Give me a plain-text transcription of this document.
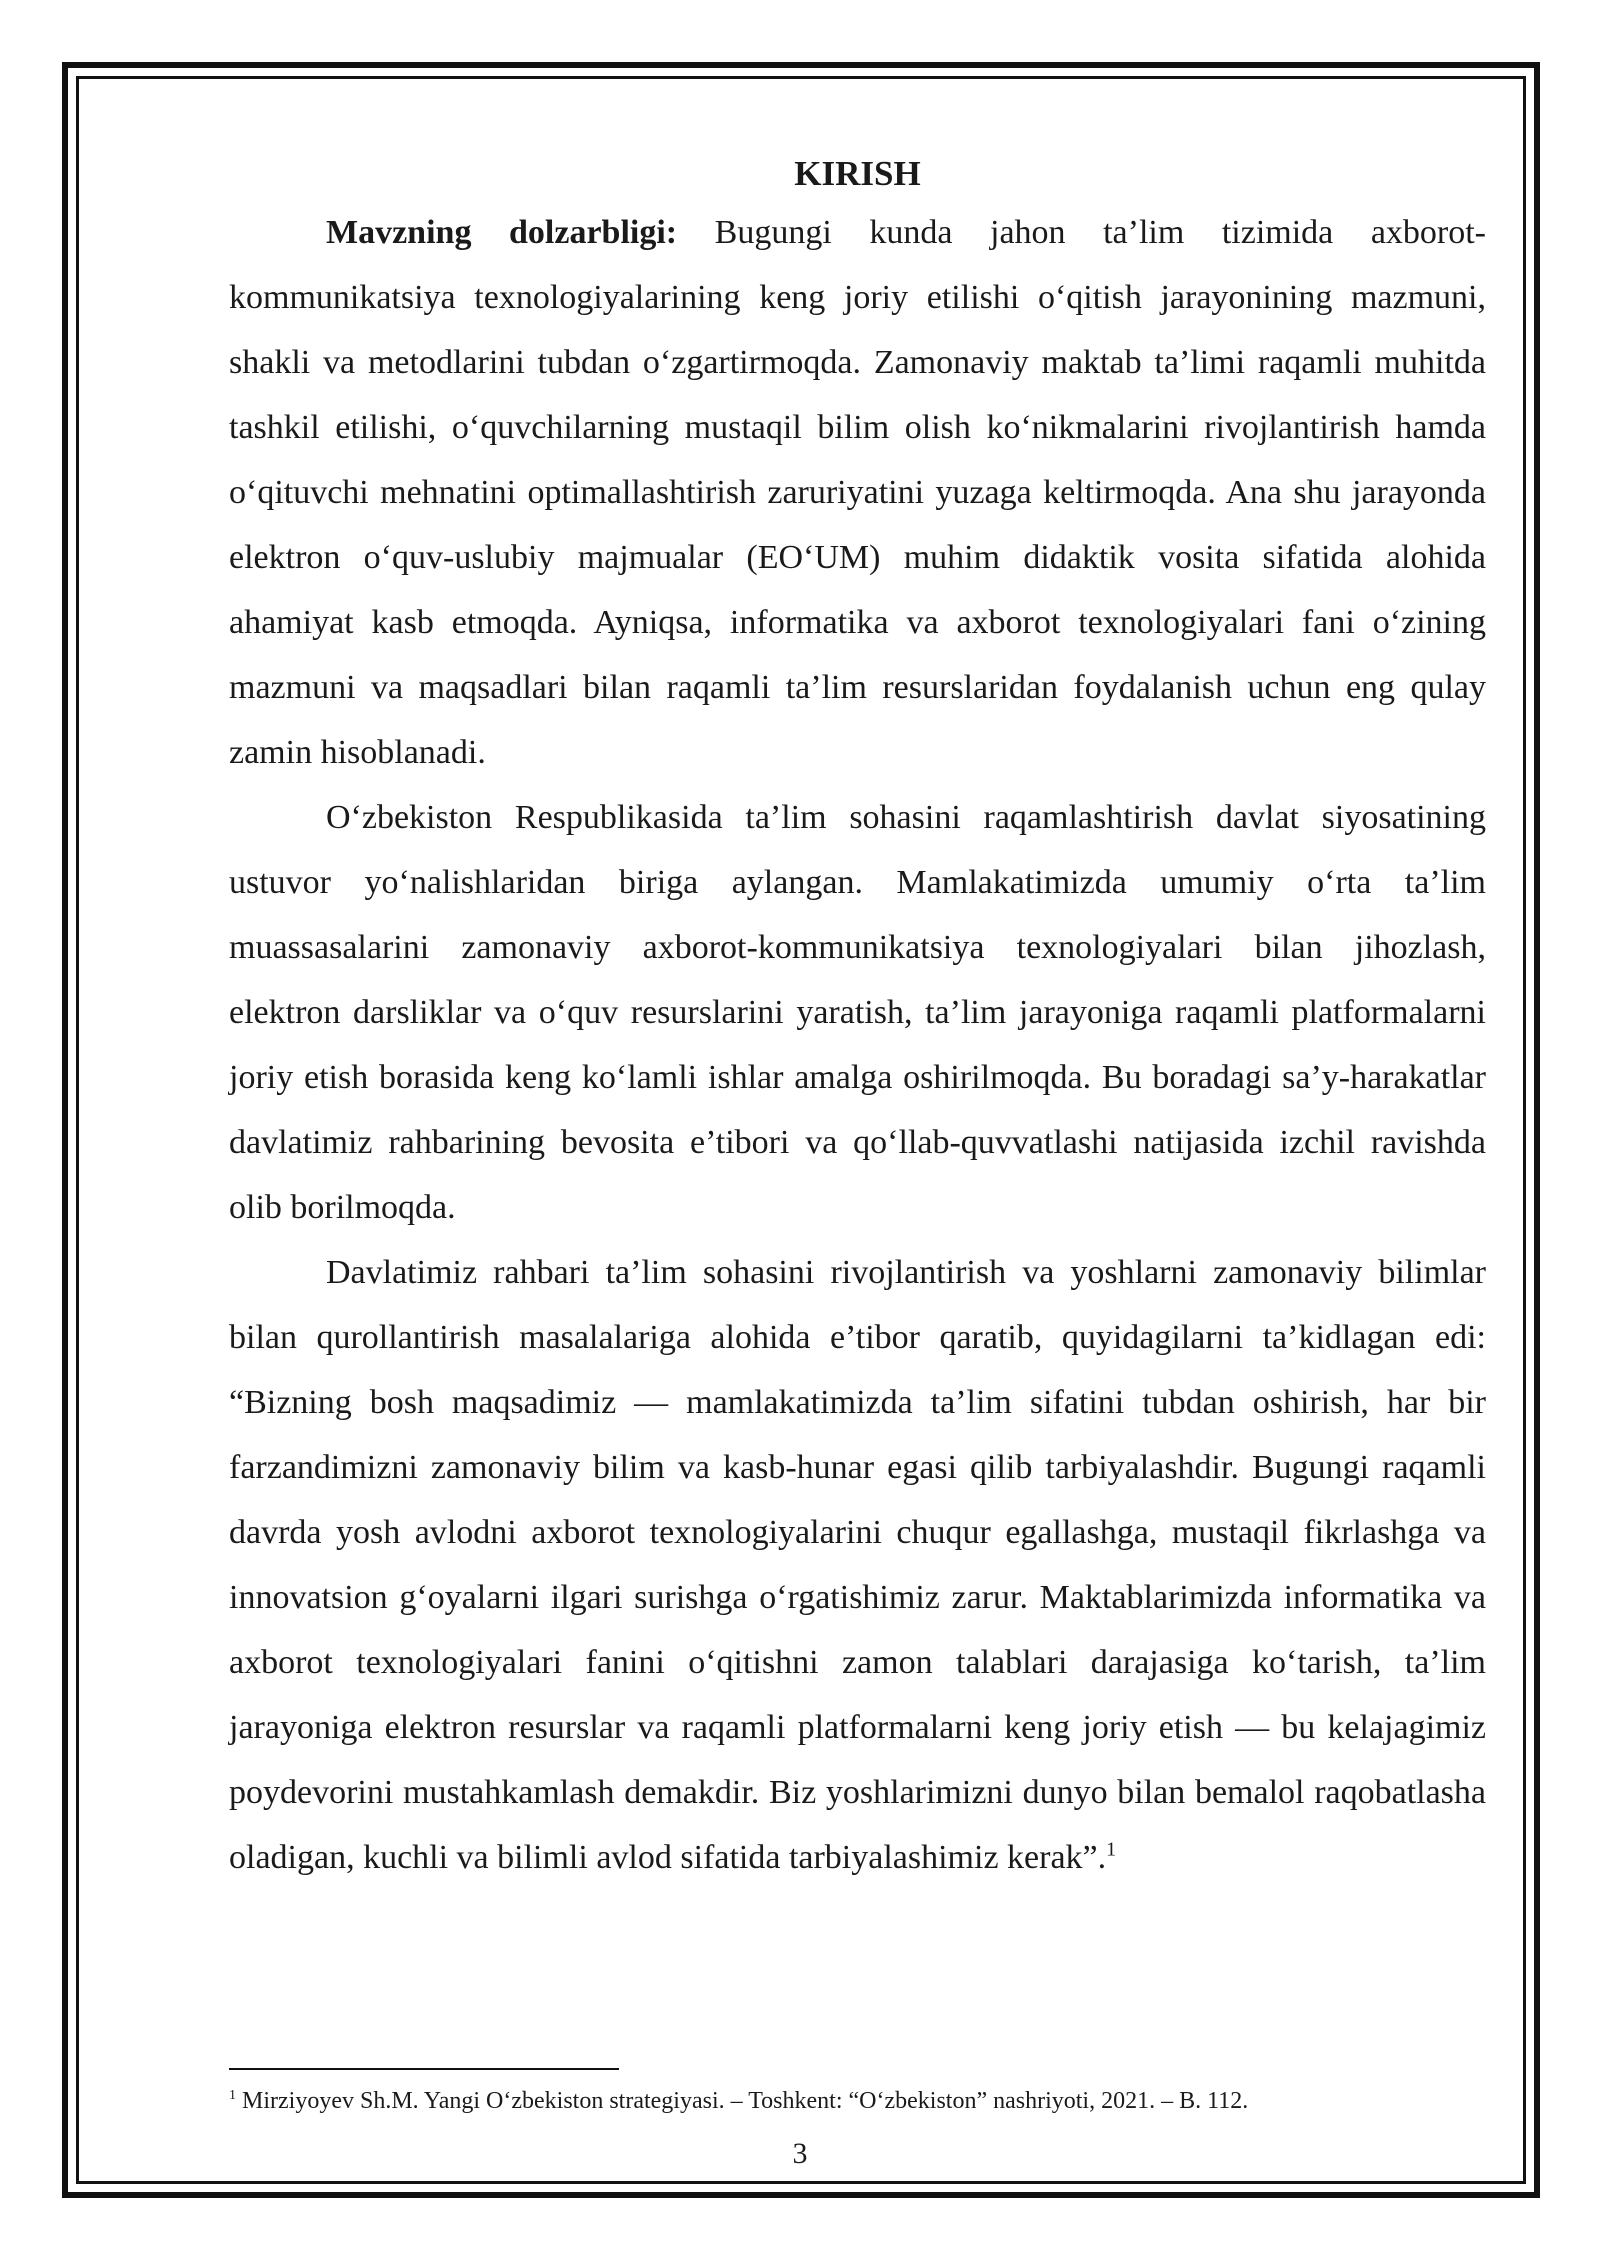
KIRISH

Mavzning dolzarbligi: Bugungi kunda jahon ta’lim tizimida axborot-kommunikatsiya texnologiyalarining keng joriy etilishi o‘qitish jarayonining mazmuni, shakli va metodlarini tubdan o‘zgartirmoqda. Zamonaviy maktab ta’limi raqamli muhitda tashkil etilishi, o‘quvchilarning mustaqil bilim olish ko‘nikmalarini rivojlantirish hamda o‘qituvchi mehnatini optimallashtirish zaruriyatini yuzaga keltirmoqda. Ana shu jarayonda elektron o‘quv-uslubiy majmualar (EO‘UM) muhim didaktik vosita sifatida alohida ahamiyat kasb etmoqda. Ayniqsa, informatika va axborot texnologiyalari fani o‘zining mazmuni va maqsadlari bilan raqamli ta’lim resurslaridan foydalanish uchun eng qulay zamin hisoblanadi.

O‘zbekiston Respublikasida ta’lim sohasini raqamlashtirish davlat siyosatining ustuvor yo‘nalishlaridan biriga aylangan. Mamlakatimizda umumiy o‘rta ta’lim muassasalarini zamonaviy axborot-kommunikatsiya texnologiyalari bilan jihozlash, elektron darsliklar va o‘quv resurslarini yaratish, ta’lim jarayoniga raqamli platformalarni joriy etish borasida keng ko‘lamli ishlar amalga oshirilmoqda. Bu boradagi sa’y-harakatlar davlatimiz rahbarining bevosita e’tibori va qo‘llab-quvvatlashi natijasida izchil ravishda olib borilmoqda.

Davlatimiz rahbari ta’lim sohasini rivojlantirish va yoshlarni zamonaviy bilimlar bilan qurollantirish masalalariga alohida e’tibor qaratib, quyidagilarni ta’kidlagan edi: “Bizning bosh maqsadimiz — mamlakatimizda ta’lim sifatini tubdan oshirish, har bir farzandimizni zamonaviy bilim va kasb-hunar egasi qilib tarbiyalashdir. Bugungi raqamli davrda yosh avlodni axborot texnologiyalarini chuqur egallashga, mustaqil fikrlashga va innovatsion g‘oyalarni ilgari surishga o‘rgatishimiz zarur. Maktablarimizda informatika va axborot texnologiyalari fanini o‘qitishni zamon talablari darajasiga ko‘tarish, ta’lim jarayoniga elektron resurslar va raqamli platformalarni keng joriy etish — bu kelajagimiz poydevorini mustahkamlash demakdir. Biz yoshlarimizni dunyo bilan bemalol raqobatlasha oladigan, kuchli va bilimli avlod sifatida tarbiyalashimiz kerak”.$^1$

$^1$ Mirziyoyev Sh.M. Yangi O‘zbekiston strategiyasi. – Toshkent: “O‘zbekiston” nashriyoti, 2021. – B. 112.
3
